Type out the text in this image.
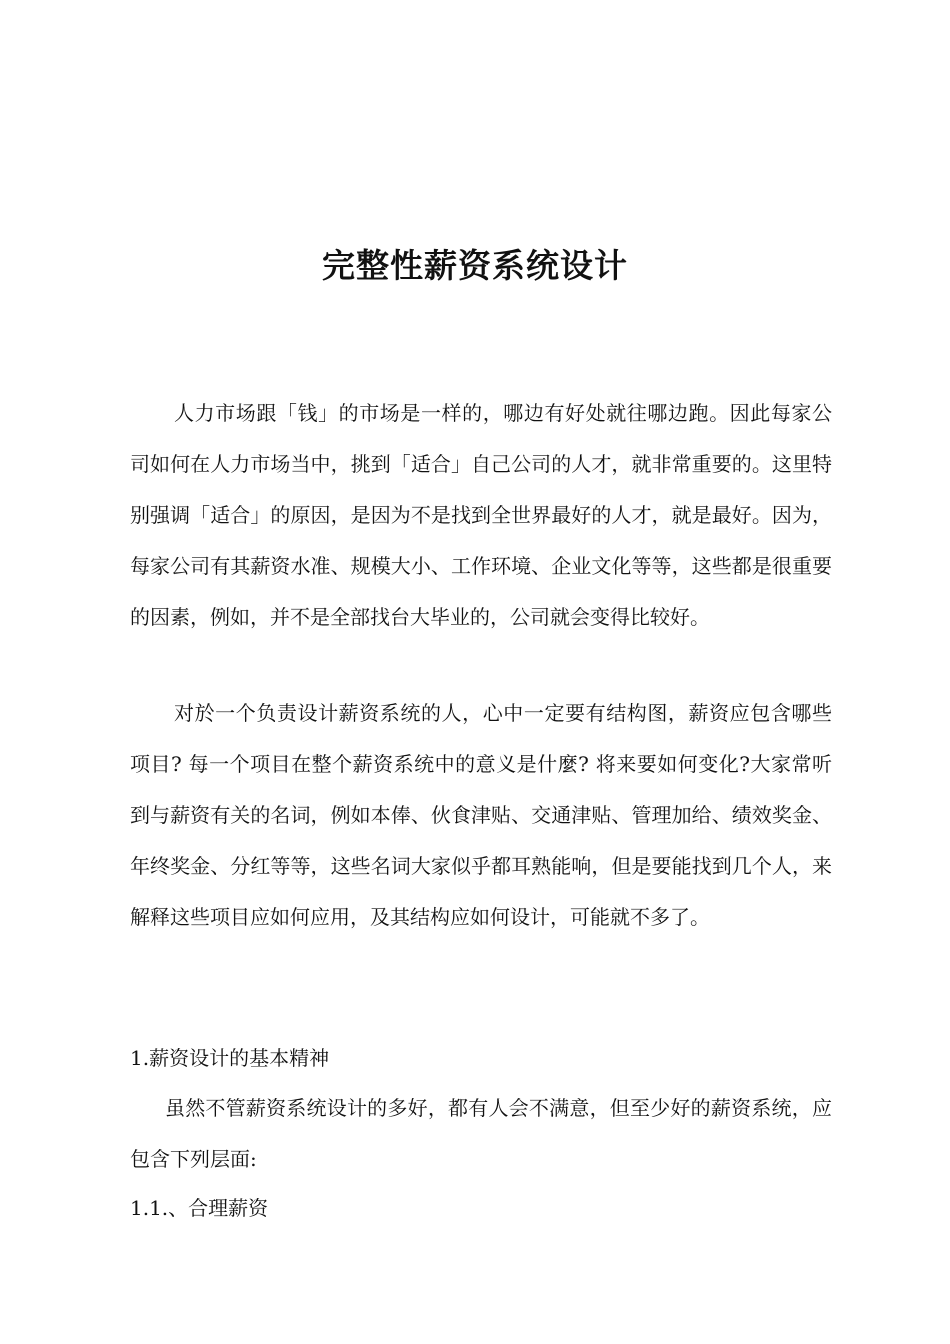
完整性薪资系统设计

人力市场跟「钱」的市场是一样的，哪边有好处就往哪边跑。因此每家公司如何在人力市场当中，挑到「适合」自己公司的人才，就非常重要的。这里特别强调「适合」的原因，是因为不是找到全世界最好的人才，就是最好。因为，每家公司有其薪资水准、规模大小、工作环境、企业文化等等，这些都是很重要的因素，例如，并不是全部找台大毕业的，公司就会变得比较好。

对於一个负责设计薪资系统的人，心中一定要有结构图，薪资应包含哪些项目? 每一个项目在整个薪资系统中的意义是什麼? 将来要如何变化?大家常听到与薪资有关的名词，例如本俸、伙食津贴、交通津贴、管理加给、绩效奖金、年终奖金、分红等等，这些名词大家似乎都耳熟能响，但是要能找到几个人，来解释这些项目应如何应用，及其结构应如何设计，可能就不多了。

1.薪资设计的基本精神

虽然不管薪资系统设计的多好，都有人会不满意，但至少好的薪资系统，应包含下列层面:

1.1.、合理薪资
